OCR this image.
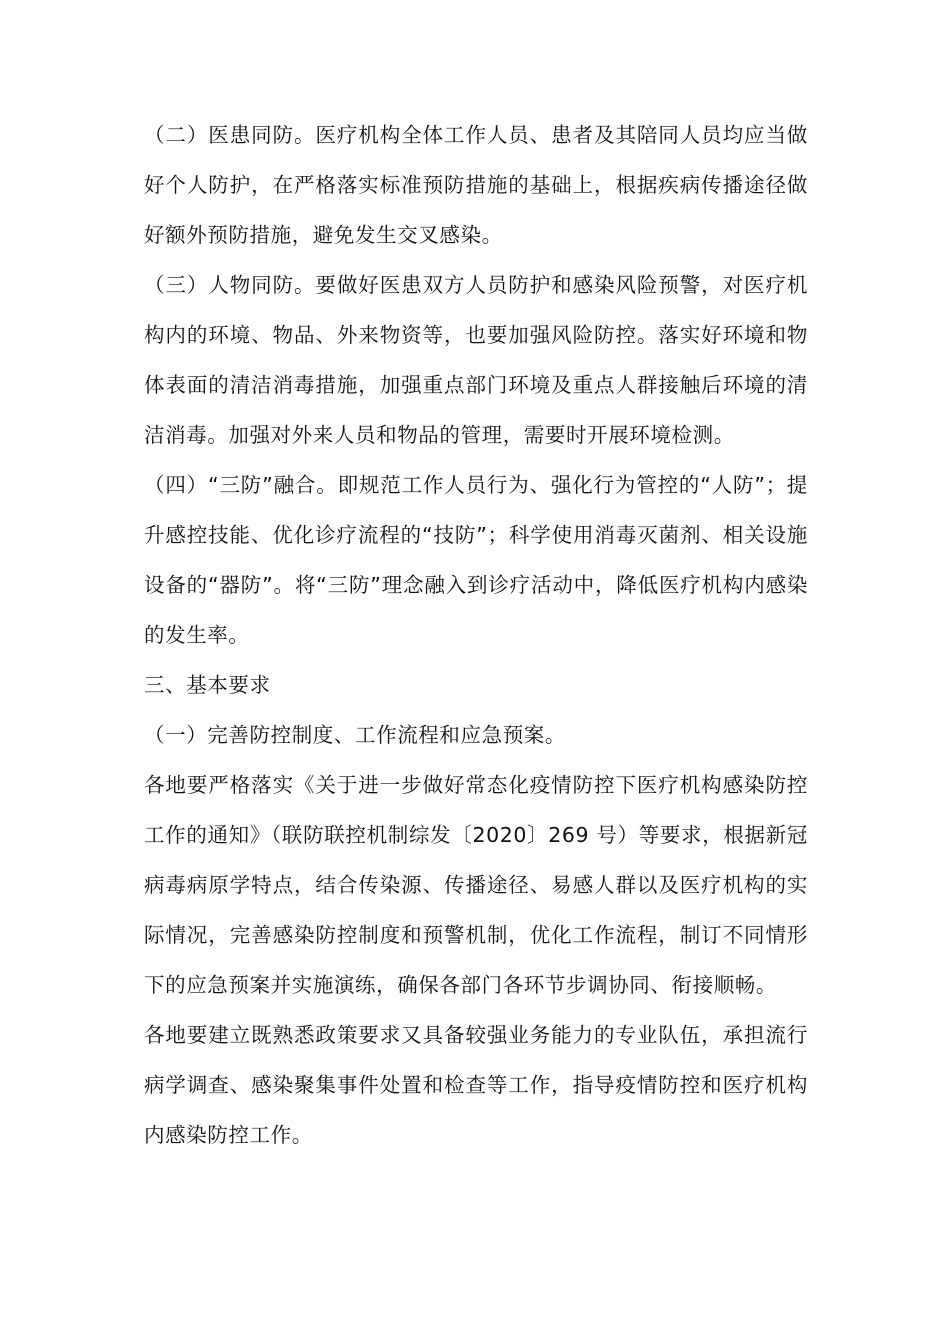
（二）医患同防。医疗机构全体工作人员、患者及其陪同人员均应当做好个人防护，在严格落实标准预防措施的基础上，根据疾病传播途径做好额外预防措施，避免发生交叉感染。

（三）人物同防。要做好医患双方人员防护和感染风险预警，对医疗机构内的环境、物品、外来物资等，也要加强风险防控。落实好环境和物体表面的清洁消毒措施，加强重点部门环境及重点人群接触后环境的清洁消毒。加强对外来人员和物品的管理，需要时开展环境检测。

（四）“三防”融合。即规范工作人员行为、强化行为管控的“人防”；提升感控技能、优化诊疗流程的“技防”；科学使用消毒灭菌剂、相关设施设备的“器防”。将“三防”理念融入到诊疗活动中，降低医疗机构内感染的发生率。

三、基本要求

（一）完善防控制度、工作流程和应急预案。

各地要严格落实《关于进一步做好常态化疫情防控下医疗机构感染防控工作的通知》（联防联控机制综发〔2020〕269 号）等要求，根据新冠病毒病原学特点，结合传染源、传播途径、易感人群以及医疗机构的实际情况，完善感染防控制度和预警机制，优化工作流程，制订不同情形下的应急预案并实施演练，确保各部门各环节步调协同、衔接顺畅。

各地要建立既熟悉政策要求又具备较强业务能力的专业队伍，承担流行病学调查、感染聚集事件处置和检查等工作，指导疫情防控和医疗机构内感染防控工作。
